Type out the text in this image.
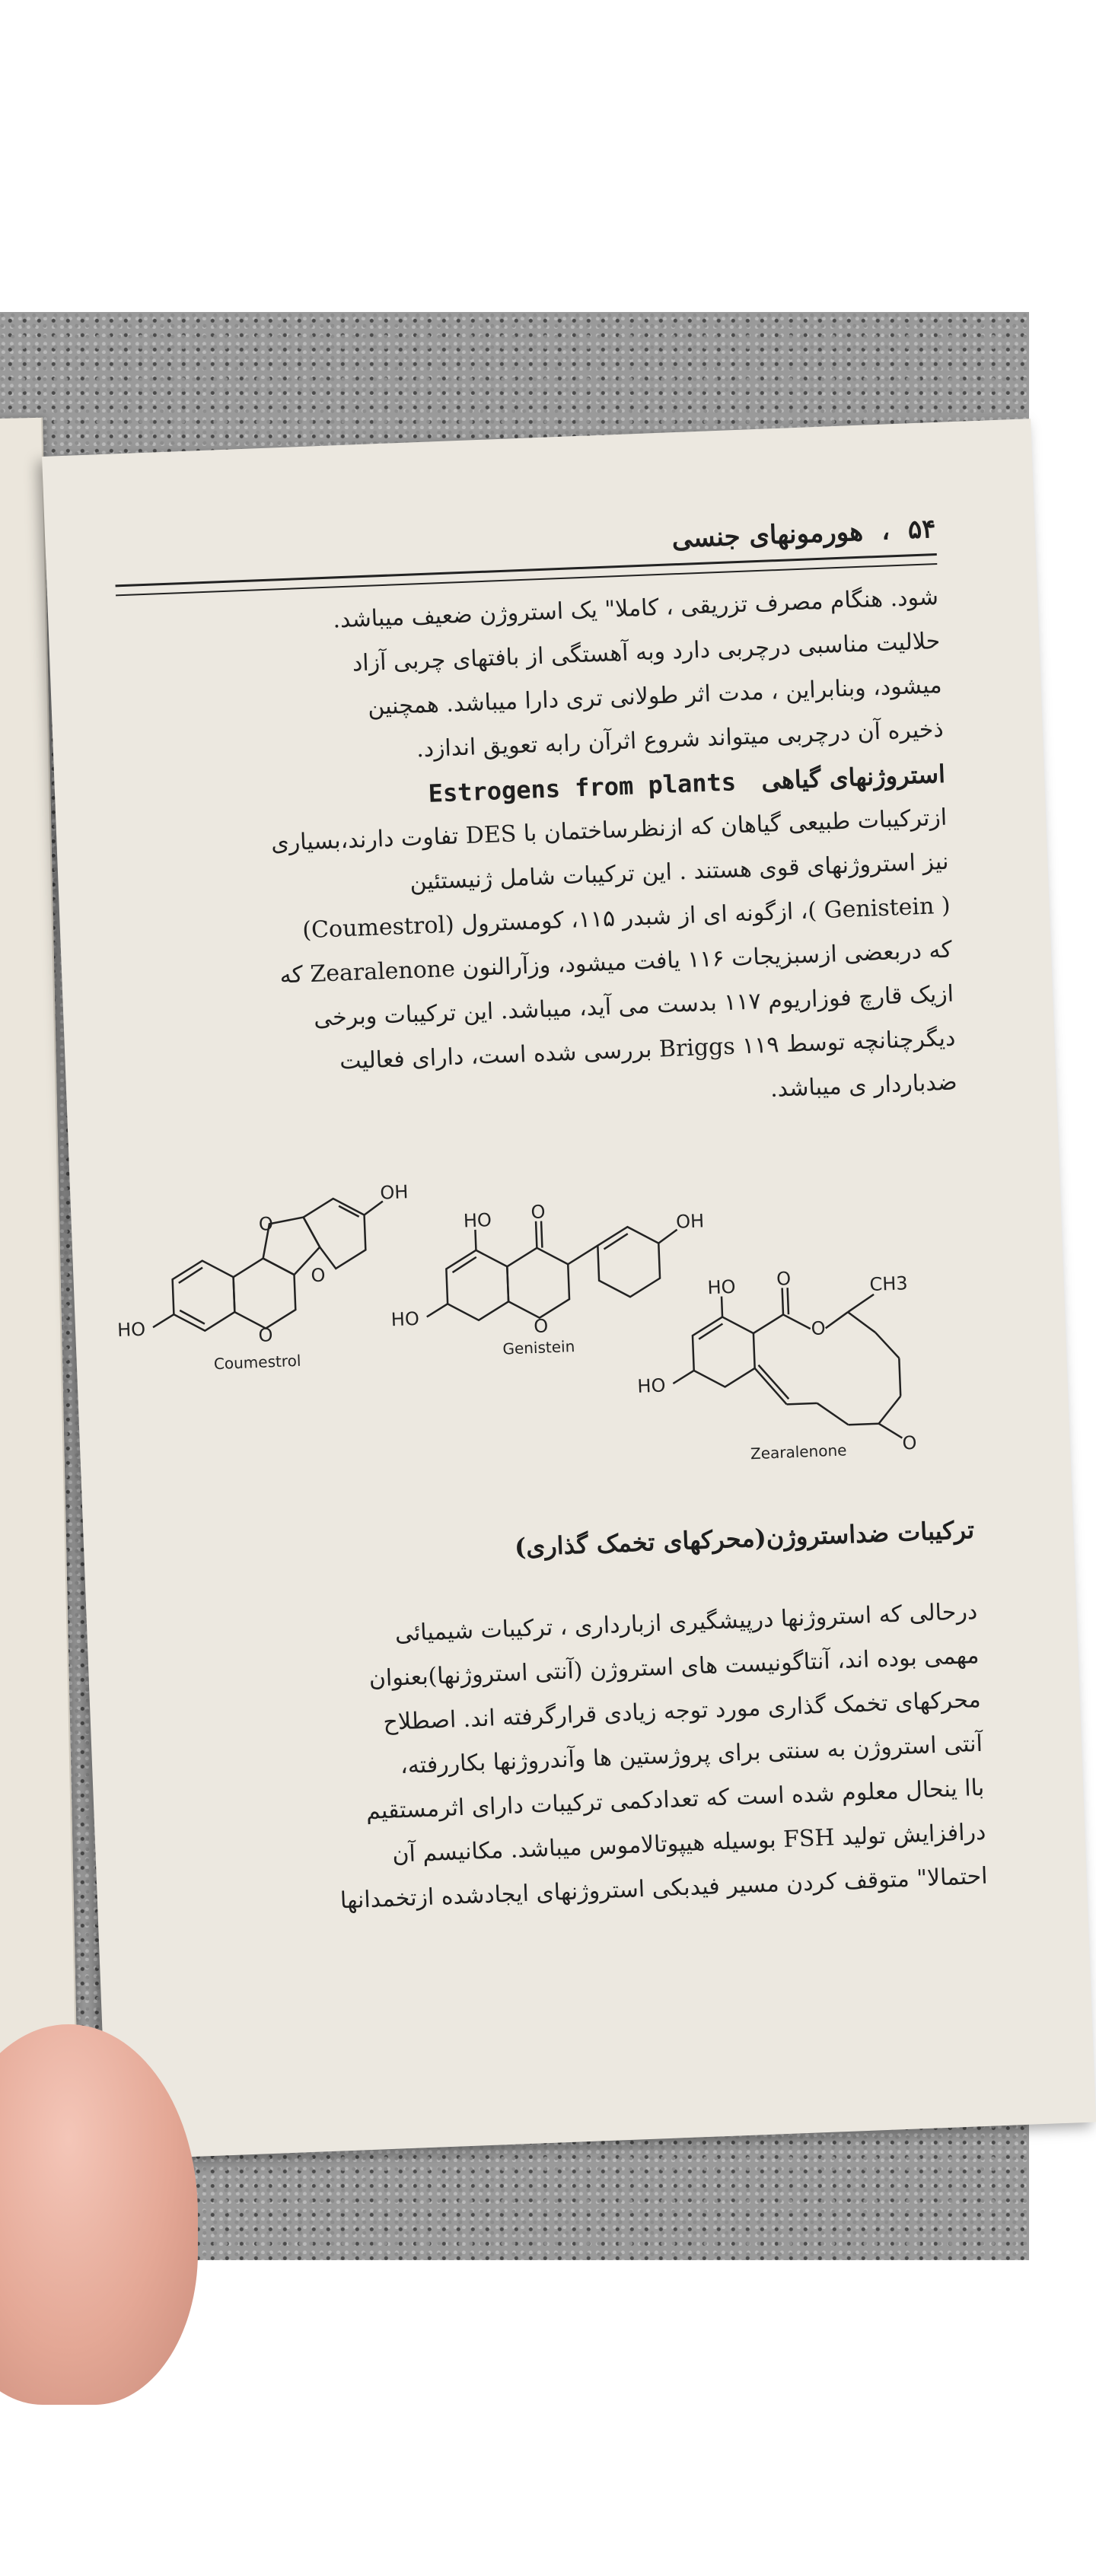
۵۴
،
هورمونهای جنسی

شود. هنگام مصرف تزریقی ، کاملا" یک استروژن ضعیف میباشد.

حلالیت مناسبی درچربی دارد وبه آهستگی از بافتهای چربی آزاد

میشود، وبنابراین ، مدت اثر طولانی تری دارا میباشد. همچنین

ذخیره آن درچربی میتواند شروع اثرآن رابه تعویق اندازد.

استروژنهای گیاهی   Estrogens from plants

ازترکیبات طبیعی گیاهان که ازنظرساختمان با DES تفاوت دارند،بسیاری

نیز استروژنهای قوی هستند . این ترکیبات شامل ژنیستئین

( Genistein )، ازگونه ای از شبدر ۱۱۵، کومسترول (Coumestrol)

که دربعضی ازسبزیجات ۱۱۶ یافت میشود، وزآرالنون Zearalenone که

ازیک قارچ فوزاریوم ۱۱۷ بدست می آید، میباشد. این ترکیبات وبرخی

دیگرچنانچه توسط Briggs ۱۱۹ بررسی شده است، دارای فعالیت

ضدباردار ی میباشد.

OH
HO
O
O
O
Coumestrol
OH
HO
O
HO
O
Genistein
HO O	CH3
O
HO
O
Zearalenone

ترکیبات ضداستروژن(محرکهای تخمک گذاری)

درحالی که استروژنها درپیشگیری ازبارداری ، ترکیبات شیمیائی

مهمی بوده اند، آنتاگونیست های استروژن (آنتی استروژنها)بعنوان

محرکهای تخمک گذاری مورد توجه زیادی قرارگرفته اند. اصطلاح

آنتی استروژن به سنتی برای پروژستین ها وآندروژنها بکاررفته،

باا ینحال معلوم شده است که تعدادکمی ترکیبات دارای اثرمستقیم

درافزایش تولید FSH بوسیله هیپوتالاموس میباشد. مکانیسم آن

احتمالا" متوقف کردن مسیر فیدبکی استروژنهای ایجادشده ازتخمدانها
